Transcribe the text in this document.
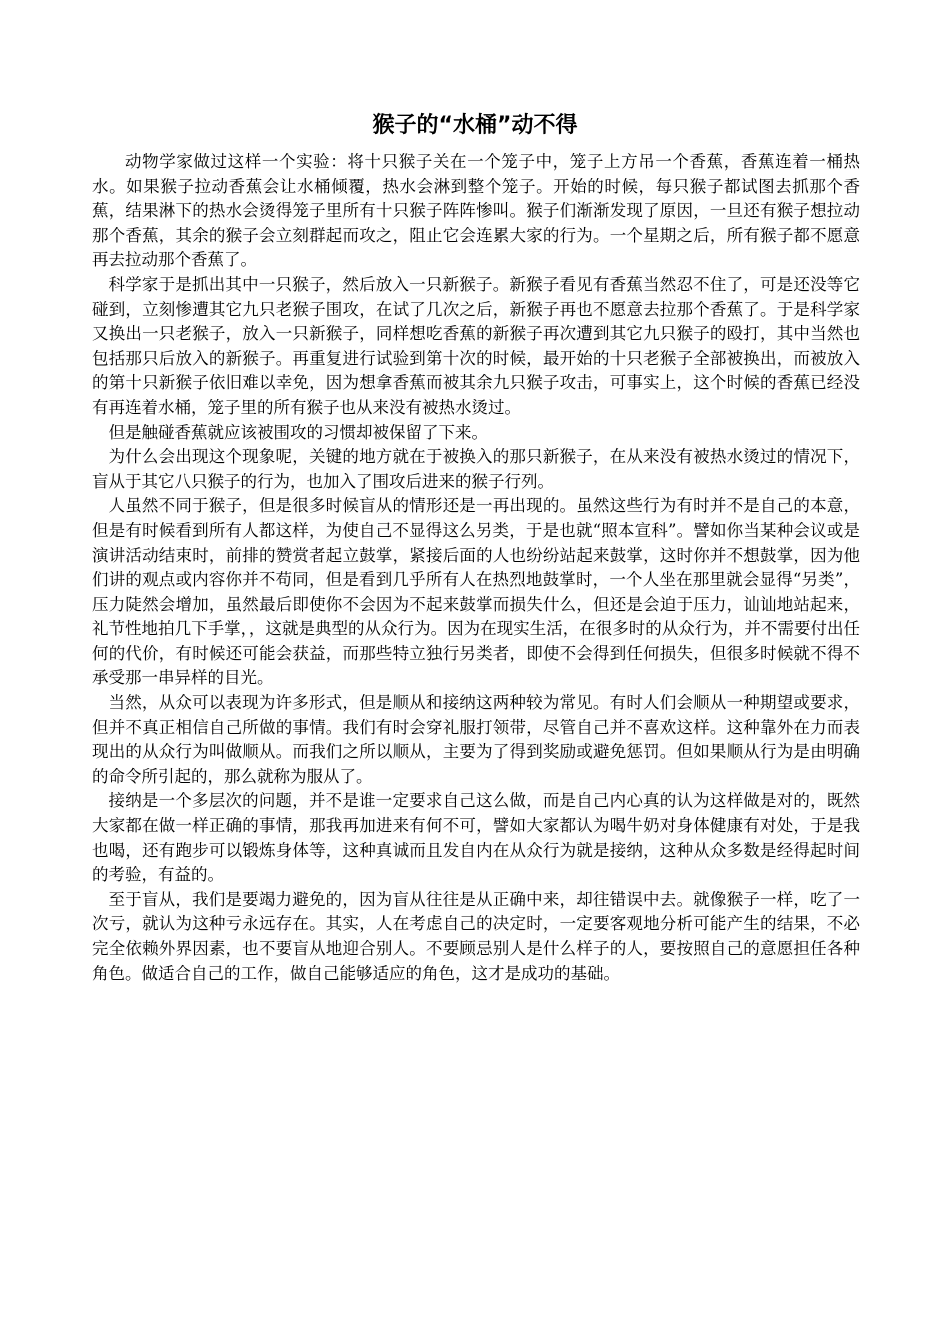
猴子的“水桶”动不得

动物学家做过这样一个实验：将十只猴子关在一个笼子中，笼子上方吊一个香蕉，香蕉连着一桶热水。如果猴子拉动香蕉会让水桶倾覆，热水会淋到整个笼子。开始的时候，每只猴子都试图去抓那个香蕉，结果淋下的热水会烫得笼子里所有十只猴子阵阵惨叫。猴子们渐渐发现了原因，一旦还有猴子想拉动那个香蕉，其余的猴子会立刻群起而攻之，阻止它会连累大家的行为。一个星期之后，所有猴子都不愿意再去拉动那个香蕉了。

科学家于是抓出其中一只猴子，然后放入一只新猴子。新猴子看见有香蕉当然忍不住了，可是还没等它碰到，立刻惨遭其它九只老猴子围攻，在试了几次之后，新猴子再也不愿意去拉那个香蕉了。于是科学家又换出一只老猴子，放入一只新猴子，同样想吃香蕉的新猴子再次遭到其它九只猴子的殴打，其中当然也包括那只后放入的新猴子。再重复进行试验到第十次的时候，最开始的十只老猴子全部被换出，而被放入的第十只新猴子依旧难以幸免，因为想拿香蕉而被其余九只猴子攻击，可事实上，这个时候的香蕉已经没有再连着水桶，笼子里的所有猴子也从来没有被热水烫过。

但是触碰香蕉就应该被围攻的习惯却被保留了下来。

为什么会出现这个现象呢，关键的地方就在于被换入的那只新猴子，在从来没有被热水烫过的情况下，盲从于其它八只猴子的行为，也加入了围攻后进来的猴子行列。

人虽然不同于猴子，但是很多时候盲从的情形还是一再出现的。虽然这些行为有时并不是自己的本意，但是有时候看到所有人都这样，为使自己不显得这么另类，于是也就“照本宣科”。譬如你当某种会议或是演讲活动结束时，前排的赞赏者起立鼓掌，紧接后面的人也纷纷站起来鼓掌，这时你并不想鼓掌，因为他们讲的观点或内容你并不苟同，但是看到几乎所有人在热烈地鼓掌时，一个人坐在那里就会显得“另类”，压力陡然会增加，虽然最后即使你不会因为不起来鼓掌而损失什么，但还是会迫于压力，讪讪地站起来，礼节性地拍几下手掌，，这就是典型的从众行为。因为在现实生活，在很多时的从众行为，并不需要付出任何的代价，有时候还可能会获益，而那些特立独行另类者，即使不会得到任何损失，但很多时候就不得不承受那一串异样的目光。

当然，从众可以表现为许多形式，但是顺从和接纳这两种较为常见。有时人们会顺从一种期望或要求，但并不真正相信自己所做的事情。我们有时会穿礼服打领带，尽管自己并不喜欢这样。这种靠外在力而表现出的从众行为叫做顺从。而我们之所以顺从，主要为了得到奖励或避免惩罚。但如果顺从行为是由明确的命令所引起的，那么就称为服从了。

接纳是一个多层次的问题，并不是谁一定要求自己这么做，而是自己内心真的认为这样做是对的，既然大家都在做一样正确的事情，那我再加进来有何不可，譬如大家都认为喝牛奶对身体健康有对处，于是我也喝，还有跑步可以锻炼身体等，这种真诚而且发自内在从众行为就是接纳，这种从众多数是经得起时间的考验，有益的。

至于盲从，我们是要竭力避免的，因为盲从往往是从正确中来，却往错误中去。就像猴子一样，吃了一次亏，就认为这种亏永远存在。其实，人在考虑自己的决定时，一定要客观地分析可能产生的结果，不必完全依赖外界因素，也不要盲从地迎合别人。不要顾忌别人是什么样子的人，要按照自己的意愿担任各种角色。做适合自己的工作，做自己能够适应的角色，这才是成功的基础。
